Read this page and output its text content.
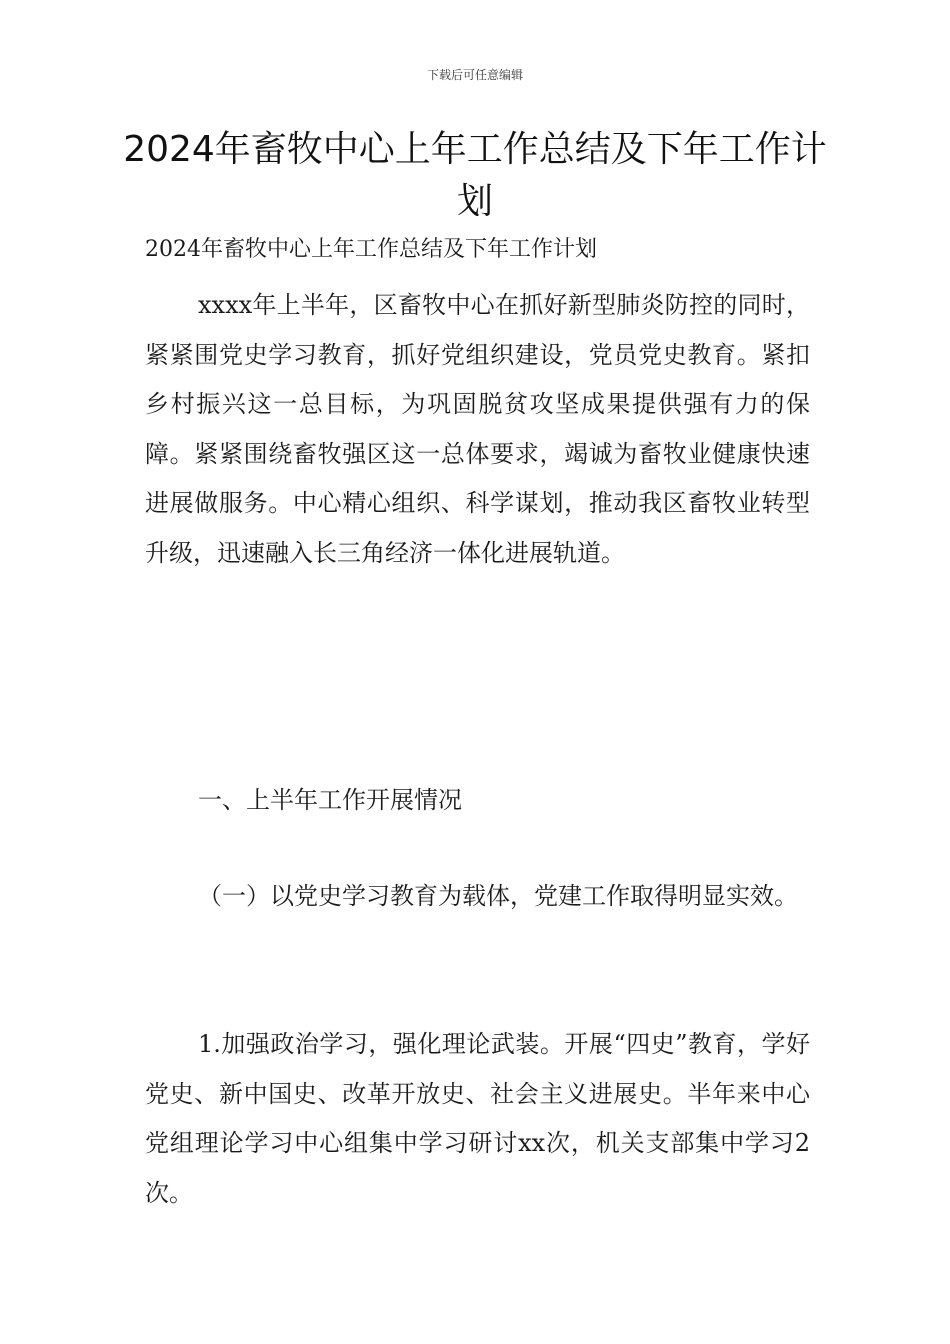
下载后可任意编辑
2024年畜牧中心上年工作总结及下年工作计划

2024年畜牧中心上年工作总结及下年工作计划

xxxx年上半年，区畜牧中心在抓好新型肺炎防控的同时，紧紧围党史学习教育，抓好党组织建设，党员党史教育。紧扣乡村振兴这一总目标，为巩固脱贫攻坚成果提供强有力的保障。紧紧围绕畜牧强区这一总体要求，竭诚为畜牧业健康快速进展做服务。中心精心组织、科学谋划，推动我区畜牧业转型升级，迅速融入长三角经济一体化进展轨道。

一、上半年工作开展情况

（一）以党史学习教育为载体，党建工作取得明显实效。

1.加强政治学习，强化理论武装。开展“四史”教育，学好党史、新中国史、改革开放史、社会主义进展史。半年来中心党组理论学习中心组集中学习研讨xx次，机关支部集中学习2次。
